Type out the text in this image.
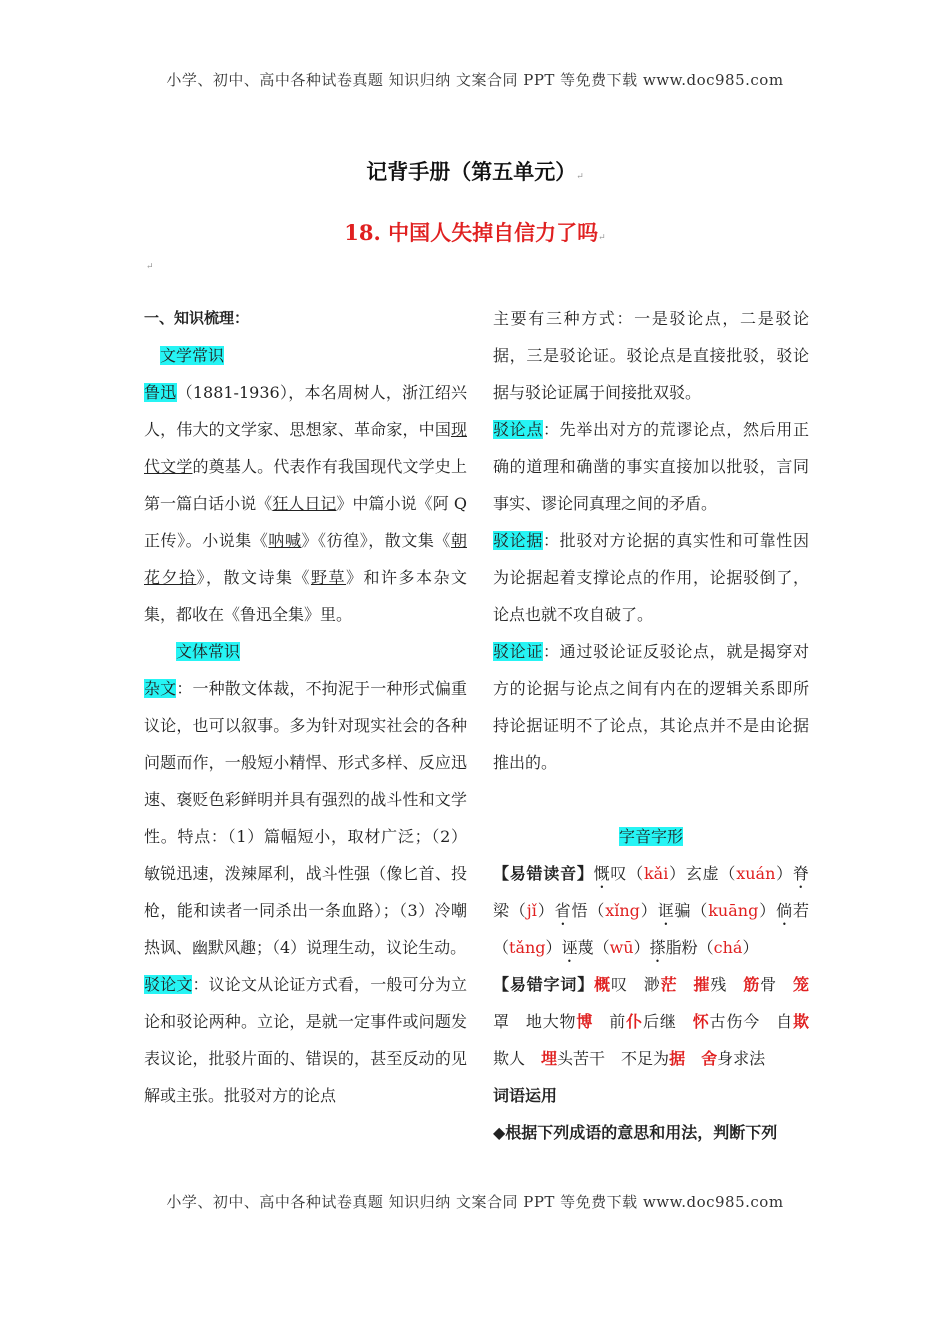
小学、初中、高中各种试卷真题 知识归纳 文案合同 PPT 等免费下载 www.doc985.com
记背手册（第五单元）↵
18. 中国人失掉自信力了吗↵
↵

一、知识梳理：

文学常识

鲁迅（1881-1936），本名周树人，浙江绍兴人，伟大的文学家、思想家、革命家，中国现代文学的奠基人。代表作有我国现代文学史上第一篇白话小说《狂人日记》中篇小说《阿 Q 正传》。小说集《呐喊》《彷徨》，散文集《朝花夕拾》，散文诗集《野草》和许多本杂文集，都收在《鲁迅全集》里。

文体常识

杂文：一种散文体裁，不拘泥于一种形式偏重议论，也可以叙事。多为针对现实社会的各种问题而作，一般短小精悍、形式多样、反应迅速、褒贬色彩鲜明并具有强烈的战斗性和文学性。特点：（1）篇幅短小，取材广泛；（2）敏锐迅速，泼辣犀利，战斗性强（像匕首、投枪，能和读者一同杀出一条血路）；（3）冷嘲热讽、幽默风趣；（4）说理生动，议论生动。

驳论文：议论文从论证方式看，一般可分为立论和驳论两种。立论，是就一定事件或问题发表议论，批驳片面的、错误的，甚至反动的见解或主张。批驳对方的论点

主要有三种方式：一是驳论点，二是驳论据，三是驳论证。驳论点是直接批驳，驳论据与驳论证属于间接批双驳。

驳论点：先举出对方的荒谬论点，然后用正确的道理和确凿的事实直接加以批驳，言同事实、谬论同真理之间的矛盾。

驳论据：批驳对方论据的真实性和可靠性因为论据起着支撑论点的作用，论据驳倒了，论点也就不攻自破了。

驳论证：通过驳论证反驳论点，就是揭穿对方的论据与论点之间有内在的逻辑关系即所持论据证明不了论点，其论点并不是由论据推出的。

字音字形

【易错读音】慨叹（kǎi）玄虚（xuán）脊梁（jǐ）省悟（xǐng）诓骗（kuāng）倘若（tǎng）诬蔑（wū）搽脂粉（chá）

【易错字词】概叹 渺茫 摧残 筋骨 笼罩 地大物博 前仆后继 怀古伤今 自欺欺人 埋头苦干 不足为据 舍身求法

词语运用

◆根据下列成语的意思和用法，判断下列

小学、初中、高中各种试卷真题 知识归纳 文案合同 PPT 等免费下载 www.doc985.com
